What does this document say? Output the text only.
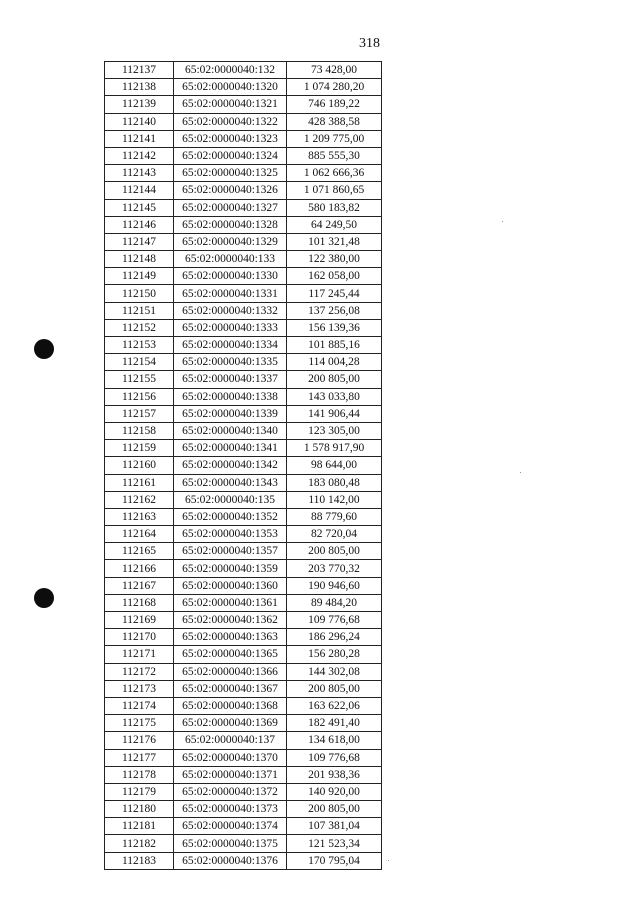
318
112137	65:02:0000040:132	73 428,00
112138	65:02:0000040:1320	1 074 280,20
112139	65:02:0000040:1321	746 189,22
112140	65:02:0000040:1322	428 388,58
112141	65:02:0000040:1323	1 209 775,00
112142	65:02:0000040:1324	885 555,30
112143	65:02:0000040:1325	1 062 666,36
112144	65:02:0000040:1326	1 071 860,65
112145	65:02:0000040:1327	580 183,82
112146	65:02:0000040:1328	64 249,50
112147	65:02:0000040:1329	101 321,48
112148	65:02:0000040:133	122 380,00
112149	65:02:0000040:1330	162 058,00
112150	65:02:0000040:1331	117 245,44
112151	65:02:0000040:1332	137 256,08
112152	65:02:0000040:1333	156 139,36
112153	65:02:0000040:1334	101 885,16
112154	65:02:0000040:1335	114 004,28
112155	65:02:0000040:1337	200 805,00
112156	65:02:0000040:1338	143 033,80
112157	65:02:0000040:1339	141 906,44
112158	65:02:0000040:1340	123 305,00
112159	65:02:0000040:1341	1 578 917,90
112160	65:02:0000040:1342	98 644,00
112161	65:02:0000040:1343	183 080,48
112162	65:02:0000040:135	110 142,00
112163	65:02:0000040:1352	88 779,60
112164	65:02:0000040:1353	82 720,04
112165	65:02:0000040:1357	200 805,00
112166	65:02:0000040:1359	203 770,32
112167	65:02:0000040:1360	190 946,60
112168	65:02:0000040:1361	89 484,20
112169	65:02:0000040:1362	109 776,68
112170	65:02:0000040:1363	186 296,24
112171	65:02:0000040:1365	156 280,28
112172	65:02:0000040:1366	144 302,08
112173	65:02:0000040:1367	200 805,00
112174	65:02:0000040:1368	163 622,06
112175	65:02:0000040:1369	182 491,40
112176	65:02:0000040:137	134 618,00
112177	65:02:0000040:1370	109 776,68
112178	65:02:0000040:1371	201 938,36
112179	65:02:0000040:1372	140 920,00
112180	65:02:0000040:1373	200 805,00
112181	65:02:0000040:1374	107 381,04
112182	65:02:0000040:1375	121 523,34
112183	65:02:0000040:1376	170 795,04
